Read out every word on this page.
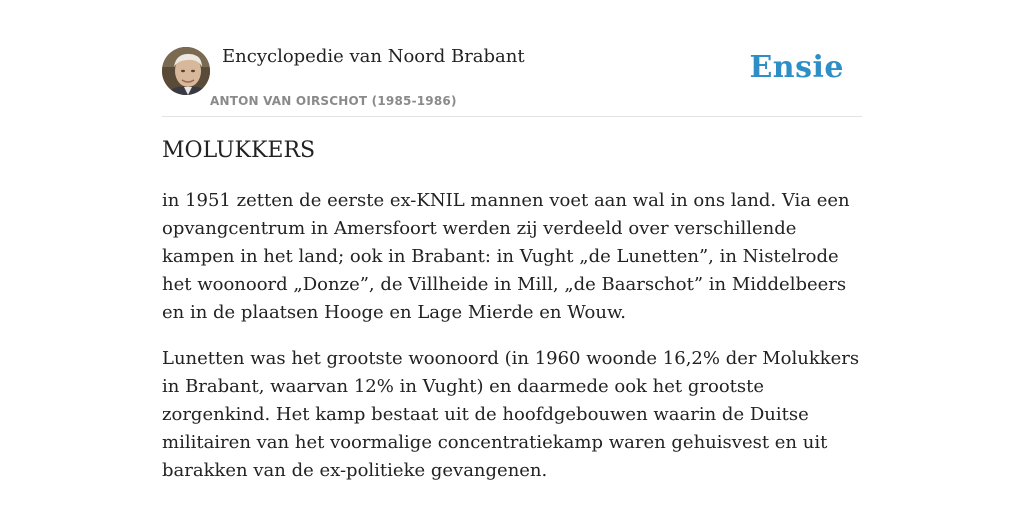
Encyclopedie van Noord Brabant
ANTON VAN OIRSCHOT (1985-1986)
Ensie
MOLUKKERS

in 1951 zetten de eerste ex-KNIL mannen voet aan wal in ons land. Via een opvangcentrum in Amersfoort werden zij verdeeld over verschillende kampen in het land; ook in Brabant: in Vught „de Lunetten”, in Nistelrode het woonoord „Donze”, de Villheide in Mill, „de Baarschot” in Middelbeers en in de plaatsen Hooge en Lage Mierde en Wouw.

Lunetten was het grootste woonoord (in 1960 woonde 16,2% der Molukkers in Brabant, waarvan 12% in Vught) en daarmede ook het grootste zorgenkind. Het kamp bestaat uit de hoofdgebouwen waarin de Duitse militairen van het voormalige concentratiekamp waren gehuisvest en uit barakken van de ex-politieke gevangenen.
